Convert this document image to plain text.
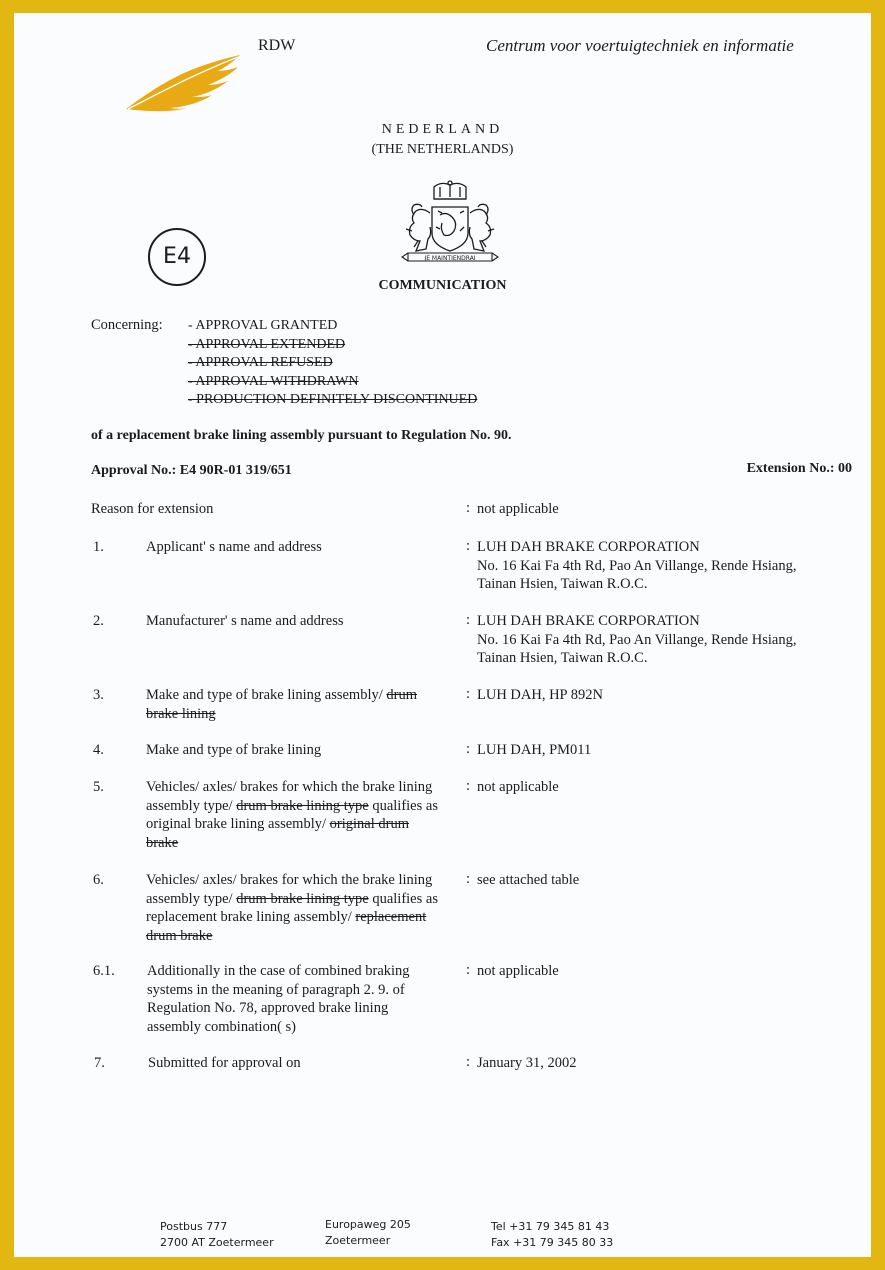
RDW	Centrum voor voertuigtechniek en informatie
NEDERLAND
(THE NETHERLANDS)
E4	JE MAINTIENDRAI
COMMUNICATION
Concerning: - APPROVAL GRANTED
- APPROVAL EXTENDED
- APPROVAL REFUSED
- APPROVAL WITHDRAWN
- PRODUCTION DEFINITELY DISCONTINUED
of a replacement brake lining assembly pursuant to Regulation No. 90.
Approval No.: E4 90R-01 319/651	Extension No.: 00
Reason for extension	: not applicable
1.	Applicant' s name and address	: LUH DAH BRAKE CORPORATION
No. 16 Kai Fa 4th Rd, Pao An Villange, Rende Hsiang,
Tainan Hsien, Taiwan R.O.C.
2.	Manufacturer' s name and address	: LUH DAH BRAKE CORPORATION
No. 16 Kai Fa 4th Rd, Pao An Villange, Rende Hsiang,
Tainan Hsien, Taiwan R.O.C.
3.	Make and type of brake lining assembly/ drum
brake lining
: LUH DAH, HP 892N
4.	Make and type of brake lining	: LUH DAH, PM011
5.	Vehicles/ axles/ brakes for which the brake lining
assembly type/ drum brake lining type qualifies as
original brake lining assembly/ original drum
brake
: not applicable
6.	Vehicles/ axles/ brakes for which the brake lining
assembly type/ drum brake lining type qualifies as
replacement brake lining assembly/ replacement
drum brake
: see attached table
6.1. Additionally in the case of combined braking
systems in the meaning of paragraph 2. 9. of
Regulation No. 78, approved brake lining
assembly combination( s)
: not applicable
7.	Submitted for approval on	: January 31, 2002
Postbus 777
2700 AT Zoetermeer
Europaweg 205
Zoetermeer
Tel +31 79 345 81 43
Fax +31 79 345 80 33
